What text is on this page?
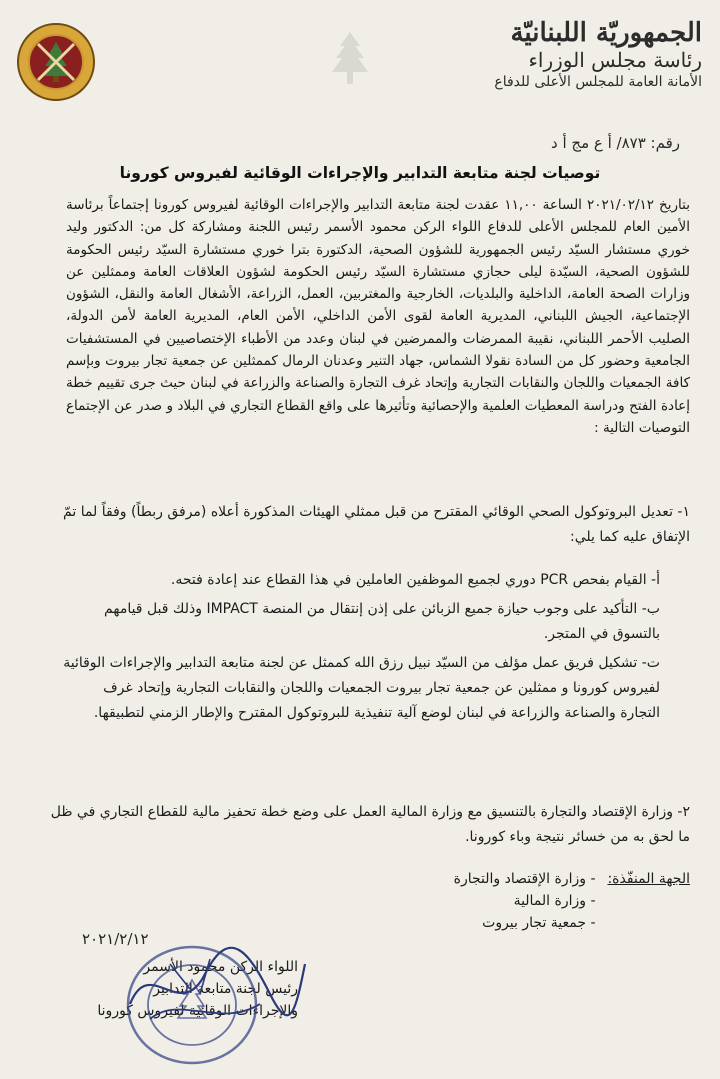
الجمهوريّة اللبنانيّة
رئاسة مجلس الوزراء
الأمانة العامة للمجلس الأعلى للدفاع
رقم: ٨٧٣/ أ ع مج أ د
توصيات لجنة متابعة التدابير والإجراءات الوقائية لفيروس كورونا
بتاريخ ٢٠٢١/٠٢/١٢ الساعة ١١,٠٠ عقدت لجنة متابعة التدابير والإجراءات الوقائية لفيروس كورونا إجتماعاً برئاسة الأمين العام للمجلس الأعلى للدفاع اللواء الركن محمود الأسمر رئيس اللجنة ومشاركة كل من: الدكتور وليد خوري مستشار السيّد رئيس الجمهورية للشؤون الصحية، الدكتورة بترا خوري مستشارة السيّد رئيس الحكومة للشؤون الصحية، السيّدة ليلى حجازي مستشارة السيّد رئيس الحكومة لشؤون العلاقات العامة وممثلين عن وزارات الصحة العامة، الداخلية والبلديات، الخارجية والمغتربين، العمل، الزراعة، الأشغال العامة والنقل، الشؤون الإجتماعية، الجيش اللبناني، المديرية العامة لقوى الأمن الداخلي، الأمن العام، المديرية العامة لأمن الدولة، الصليب الأحمر اللبناني، نقيبة الممرضات والممرضين في لبنان وعدد من الأطباء الإختصاصيين في المستشفيات الجامعية وحضور كل من السادة نقولا الشماس، جهاد التنير وعدنان الرمال كممثلين عن جمعية تجار بيروت وبإسم كافة الجمعيات واللجان والنقابات التجارية وإتحاد غرف التجارة والصناعة والزراعة في لبنان حيث جرى تقييم خطة إعادة الفتح ودراسة المعطيات العلمية والإحصائية وتأثيرها على واقع القطاع التجاري في البلاد و صدر عن الإجتماع التوصيات التالية :
١- تعديل البروتوكول الصحي الوقائي المقترح من قبل ممثلي الهيئات المذكورة أعلاه (مرفق ربطاً) وفقاً لما تمّ الإتفاق عليه كما يلي:
أ- القيام بفحص PCR دوري لجميع الموظفين العاملين في هذا القطاع عند إعادة فتحه.
ب- التأكيد على وجوب حيازة جميع الزبائن على إذن إنتقال من المنصة IMPACT وذلك قبل قيامهم بالتسوق في المتجر.
ت- تشكيل فريق عمل مؤلف من السيّد نبيل رزق الله كممثل عن لجنة متابعة التدابير والإجراءات الوقائية لفيروس كورونا و ممثلين عن جمعية تجار بيروت الجمعيات واللجان والنقابات التجارية وإتحاد غرف التجارة والصناعة والزراعة في لبنان لوضع آلية تنفيذية للبروتوكول المقترح والإطار الزمني لتطبيقها.
٢- وزارة الإقتصاد والتجارة بالتنسيق مع وزارة المالية العمل على وضع خطة تحفيز مالية للقطاع التجاري في ظل ما لحق به من خسائر نتيجة وباء كورونا.
الجهة المنفّذة:
- وزارة الإقتصاد والتجارة
- وزارة المالية
- جمعية تجار بيروت
٢٠٢١/٢/١٢
اللواء الركن محمود الأسمر
رئيس لجنة متابعة التدابير
والإجراءات الوقائية لفيروس كورونا
